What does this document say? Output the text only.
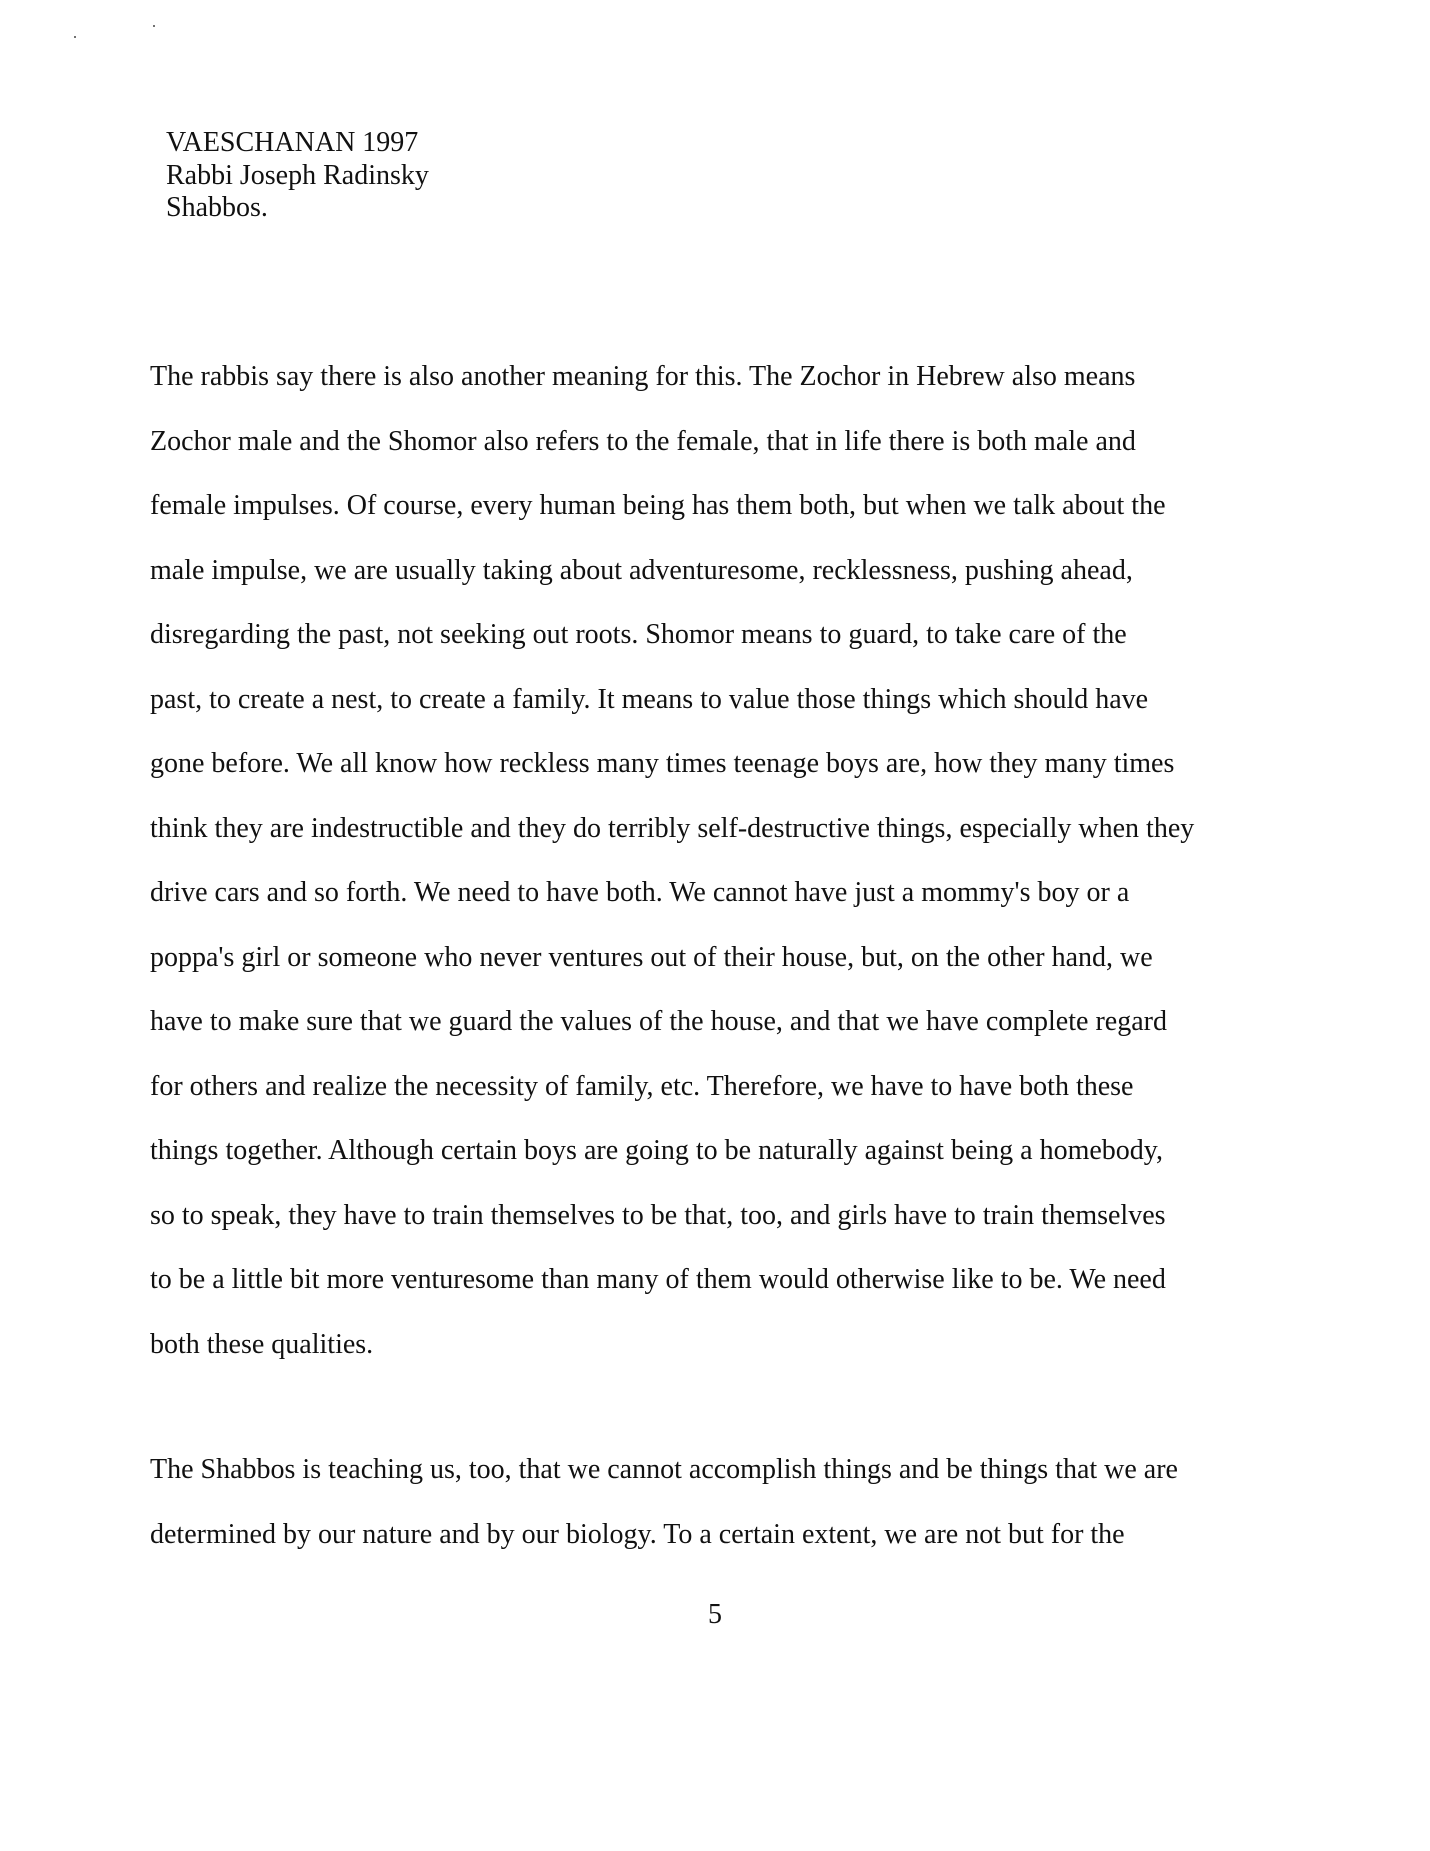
VAESCHANAN 1997
Rabbi Joseph Radinsky
Shabbos.
The rabbis say there is also another meaning for this. The Zochor in Hebrew also means
Zochor male and the Shomor also refers to the female, that in life there is both male and
female impulses. Of course, every human being has them both, but when we talk about the
male impulse, we are usually taking about adventuresome, recklessness, pushing ahead,
disregarding the past, not seeking out roots. Shomor means to guard, to take care of the
past, to create a nest, to create a family. It means to value those things which should have
gone before. We all know how reckless many times teenage boys are, how they many times
think they are indestructible and they do terribly self-destructive things, especially when they
drive cars and so forth. We need to have both. We cannot have just a mommy's boy or a
poppa's girl or someone who never ventures out of their house, but, on the other hand, we
have to make sure that we guard the values of the house, and that we have complete regard
for others and realize the necessity of family, etc. Therefore, we have to have both these
things together. Although certain boys are going to be naturally against being a homebody,
so to speak, they have to train themselves to be that, too, and girls have to train themselves
to be a little bit more venturesome than many of them would otherwise like to be. We need
both these qualities.
The Shabbos is teaching us, too, that we cannot accomplish things and be things that we are
determined by our nature and by our biology. To a certain extent, we are not but for the
5
